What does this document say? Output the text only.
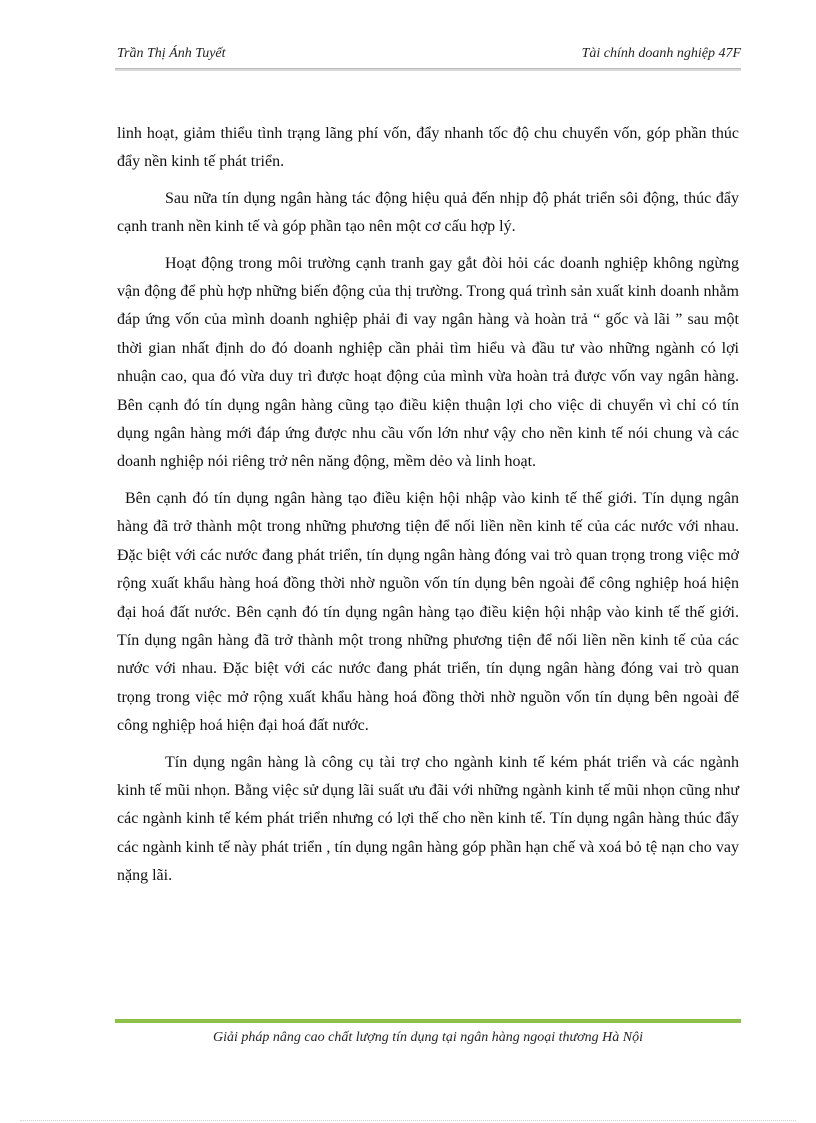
Trần Thị Ánh Tuyết	Tài chính doanh nghiệp 47F

linh hoạt, giảm thiểu tình trạng lãng phí vốn, đẩy nhanh tốc độ chu chuyển vốn, góp phần thúc đẩy nền kinh tế phát triển.

Sau nữa tín dụng ngân hàng tác động hiệu quả đến nhịp độ phát triển sôi động, thúc đẩy cạnh tranh nền kinh tế và góp phần tạo nên một cơ cấu hợp lý.

Hoạt động trong môi trường cạnh tranh gay gắt đòi hỏi các doanh nghiệp không ngừng vận động để phù hợp những biến động của thị trường. Trong quá trình sản xuất kinh doanh nhằm đáp ứng vốn của mình doanh nghiệp phải đi vay ngân hàng và hoàn trả “ gốc và lãi ” sau một thời gian nhất định do đó doanh nghiệp cần phải tìm hiểu và đầu tư vào những ngành có lợi nhuận cao, qua đó vừa duy trì được hoạt động của mình vừa hoàn trả được vốn vay ngân hàng. Bên cạnh đó tín dụng ngân hàng cũng tạo điều kiện thuận lợi cho việc di chuyển vì chỉ có tín dụng ngân hàng mới đáp ứng được nhu cầu vốn lớn như vậy cho nền kinh tế nói chung và các doanh nghiệp nói riêng trở nên năng động, mềm dẻo và linh hoạt.

Bên cạnh đó tín dụng ngân hàng tạo điều kiện hội nhập vào kinh tế thế giới. Tín dụng ngân hàng đã trở thành một trong những phương tiện để nối liền nền kinh tế của các nước với nhau. Đặc biệt với các nước đang phát triển, tín dụng ngân hàng đóng vai trò quan trọng trong việc mở rộng xuất khẩu hàng hoá đồng thời nhờ nguồn vốn tín dụng bên ngoài để công nghiệp hoá hiện đại hoá đất nước. Bên cạnh đó tín dụng ngân hàng tạo điều kiện hội nhập vào kinh tế thế giới. Tín dụng ngân hàng đã trở thành một trong những phương tiện để nối liền nền kinh tế của các nước với nhau. Đặc biệt với các nước đang phát triển, tín dụng ngân hàng đóng vai trò quan trọng trong việc mở rộng xuất khẩu hàng hoá đồng thời nhờ nguồn vốn tín dụng bên ngoài để công nghiệp hoá hiện đại hoá đất nước.

Tín dụng ngân hàng là công cụ tài trợ cho ngành kinh tế kém phát triển và các ngành kinh tế mũi nhọn. Bằng việc sử dụng lãi suất ưu đãi với những ngành kinh tế mũi nhọn cũng như các ngành kinh tế kém phát triển nhưng có lợi thế cho nền kinh tế. Tín dụng ngân hàng thúc đẩy các ngành kinh tế này phát triển , tín dụng ngân hàng góp phần hạn chế và xoá bỏ tệ nạn cho vay nặng lãi.

Giải pháp nâng cao chất lượng tín dụng tại ngân hàng ngoại thương Hà Nội
